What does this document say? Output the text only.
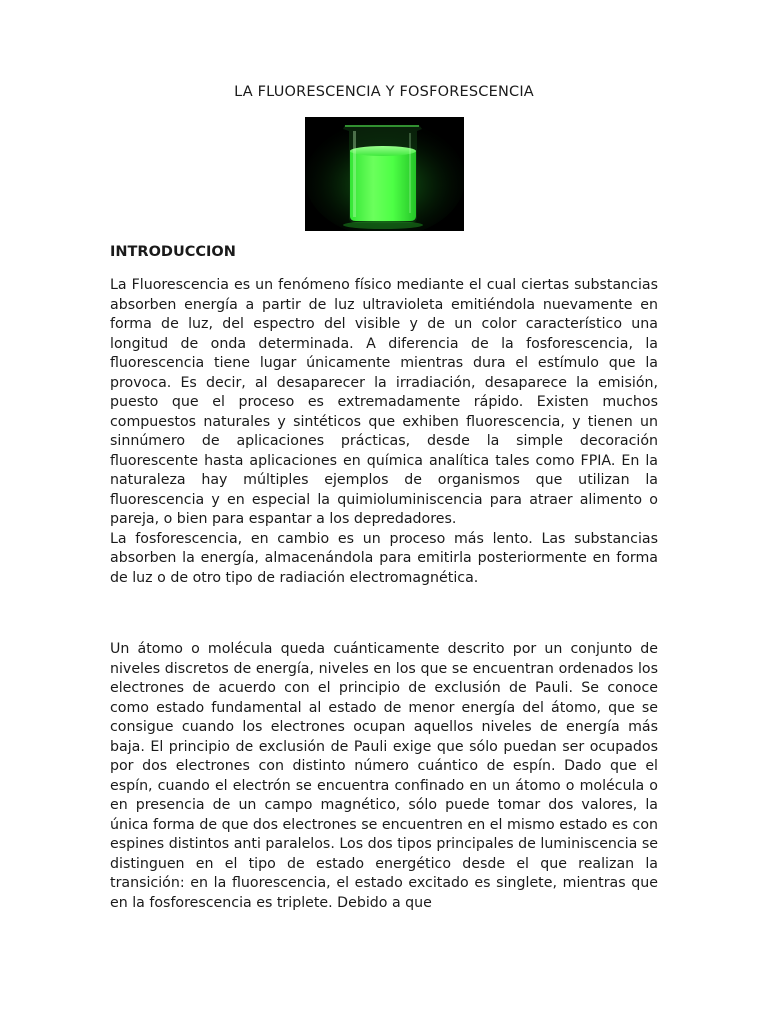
LA FLUORESCENCIA Y FOSFORESCENCIA
INTRODUCCION
La Fluorescencia es un fenómeno físico mediante el cual ciertas substancias absorben energía a partir de luz ultravioleta emitiéndola nuevamente en forma de luz, del espectro del visible y de un color característico una longitud de onda determinada. A diferencia de la fosforescencia, la fluorescencia tiene lugar únicamente mientras dura el estímulo que la provoca. Es decir, al desaparecer la irradiación, desaparece la emisión, puesto que el proceso es extremadamente rápido. Existen muchos compuestos naturales y sintéticos que exhiben fluorescencia, y tienen un sinnúmero de aplicaciones prácticas, desde la simple decoración fluorescente hasta aplicaciones en química analítica tales como FPIA. En la naturaleza hay múltiples ejemplos de organismos que utilizan la fluorescencia y en especial la quimioluminiscencia para atraer alimento o pareja, o bien para espantar a los depredadores.
La fosforescencia, en cambio es un proceso más lento. Las substancias absorben la energía, almacenándola para emitirla posteriormente en forma de luz o de otro tipo de radiación electromagnética.
Un átomo o molécula queda cuánticamente descrito por un conjunto de niveles discretos de energía, niveles en los que se encuentran ordenados los electrones de acuerdo con el principio de exclusión de Pauli. Se conoce como estado fundamental al estado de menor energía del átomo, que se consigue cuando los electrones ocupan aquellos niveles de energía más baja. El principio de exclusión de Pauli exige que sólo puedan ser ocupados por dos electrones con distinto número cuántico de espín. Dado que el espín, cuando el electrón se encuentra confinado en un átomo o molécula o en presencia de un campo magnético, sólo puede tomar dos valores, la única forma de que dos electrones se encuentren en el mismo estado es con espines distintos anti paralelos. Los dos tipos principales de luminiscencia se distinguen en el tipo de estado energético desde el que realizan la transición: en la fluorescencia, el estado excitado es singlete, mientras que en la fosforescencia es triplete. Debido a que
